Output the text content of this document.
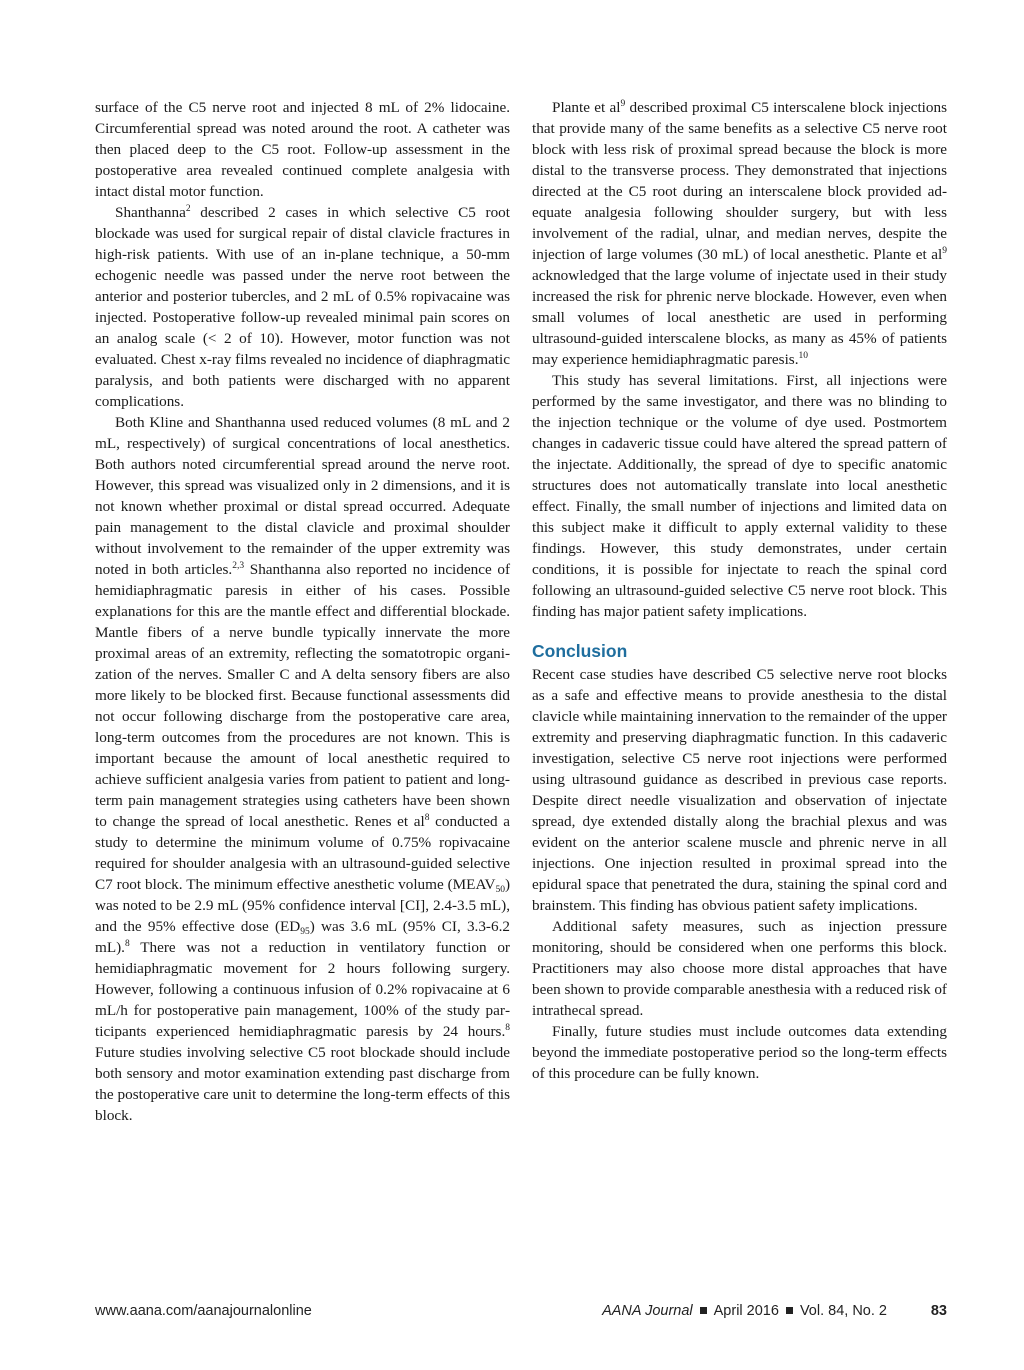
surface of the C5 nerve root and injected 8 mL of 2% lidocaine. Circumferential spread was noted around the root. A catheter was then placed deep to the C5 root. Follow-up assessment in the postoperative area revealed continued complete analgesia with intact distal motor function.

Shanthanna$^2$ described 2 cases in which selective C5 root blockade was used for surgical repair of distal clavicle fractures in high-risk patients. With use of an in-plane technique, a 50-mm echogenic needle was passed under the nerve root between the anterior and posterior tubercles, and 2 mL of 0.5% ropivacaine was injected. Postoperative follow-up revealed minimal pain scores on an analog scale (< 2 of 10). However, motor function was not evaluated. Chest x-ray films revealed no incidence of diaphragmatic paralysis, and both patients were discharged with no apparent complications.

Both Kline and Shanthanna used reduced volumes (8 mL and 2 mL, respectively) of surgical concentrations of local anesthetics. Both authors noted circumferential spread around the nerve root. However, this spread was visualized only in 2 dimensions, and it is not known whether proximal or distal spread occurred. Adequate pain management to the distal clavicle and proximal shoulder without involvement to the remainder of the upper extremity was noted in both articles.$^{2,3}$ Shanthanna also reported no incidence of hemidiaphragmatic paresis in either of his cases. Possible explanations for this are the mantle effect and differential blockade. Mantle fibers of a nerve bundle typically innervate the more proximal areas of an extremity, reflecting the somatotropic organization of the nerves. Smaller C and A delta sensory fibers are also more likely to be blocked first. Because functional assessments did not occur following discharge from the postoperative care area, long-term outcomes from the procedures are not known. This is important because the amount of local anesthetic required to achieve sufficient analgesia varies from patient to patient and long-term pain management strategies using catheters have been shown to change the spread of local anesthetic. Renes et $al^8$ conducted a study to determine the minimum volume of 0.75% ropivacaine required for shoulder analgesia with an ultrasound-guided selective C7 root block. The minimum effective anesthetic volume $(MEAV_{50})$ was noted to be 2.9 mL (95% confidence interval [CI], 2.4-3.5 mL), and the 95% effective dose $(ED_{95})$ was 3.6 mL (95% CI, 3.3-6.2 mL).$^8$ There was not a reduction in ventilatory function or hemidiaphragmatic movement for 2 hours following surgery. However, following a continuous infusion of 0.2% ropivacaine at 6 mL/h for postoperative pain management, 100% of the study participants experienced hemidiaphragmatic paresis by 24 hours.$^8$ Future studies involving selective C5 root blockade should include both sensory and motor examination extending past discharge from the postoperative care unit to determine the long-term effects of this block.

Plante et $al^9$ described proximal C5 interscalene block injections that provide many of the same benefits as a selective C5 nerve root block with less risk of proximal spread because the block is more distal to the transverse process. They demonstrated that injections directed at the C5 root during an interscalene block provided adequate analgesia following shoulder surgery, but with less involvement of the radial, ulnar, and median nerves, despite the injection of large volumes (30 mL) of local anesthetic. Plante et $al^9$ acknowledged that the large volume of injectate used in their study increased the risk for phrenic nerve blockade. However, even when small volumes of local anesthetic are used in performing ultrasound-guided interscalene blocks, as many as 45% of patients may experience hemidiaphragmatic paresis.$^{10}$

This study has several limitations. First, all injections were performed by the same investigator, and there was no blinding to the injection technique or the volume of dye used. Postmortem changes in cadaveric tissue could have altered the spread pattern of the injectate. Additionally, the spread of dye to specific anatomic structures does not automatically translate into local anesthetic effect. Finally, the small number of injections and limited data on this subject make it difficult to apply external validity to these findings. However, this study demonstrates, under certain conditions, it is possible for injectate to reach the spinal cord following an ultrasound-guided selective C5 nerve root block. This finding has major patient safety implications.

Conclusion

Recent case studies have described C5 selective nerve root blocks as a safe and effective means to provide anesthesia to the distal clavicle while maintaining innervation to the remainder of the upper extremity and preserving diaphragmatic function. In this cadaveric investigation, selective C5 nerve root injections were performed using ultrasound guidance as described in previous case reports. Despite direct needle visualization and observation of injectate spread, dye extended distally along the brachial plexus and was evident on the anterior scalene muscle and phrenic nerve in all injections. One injection resulted in proximal spread into the epidural space that penetrated the dura, staining the spinal cord and brainstem. This finding has obvious patient safety implications.

Additional safety measures, such as injection pressure monitoring, should be considered when one performs this block. Practitioners may also choose more distal approaches that have been shown to provide comparable anesthesia with a reduced risk of intrathecal spread.

Finally, future studies must include outcomes data extending beyond the immediate postoperative period so the long-term effects of this procedure can be fully known.

www.aana.com/aanajournalonline	AANA Journal April 2016 Vol. 84, No. 2	83
